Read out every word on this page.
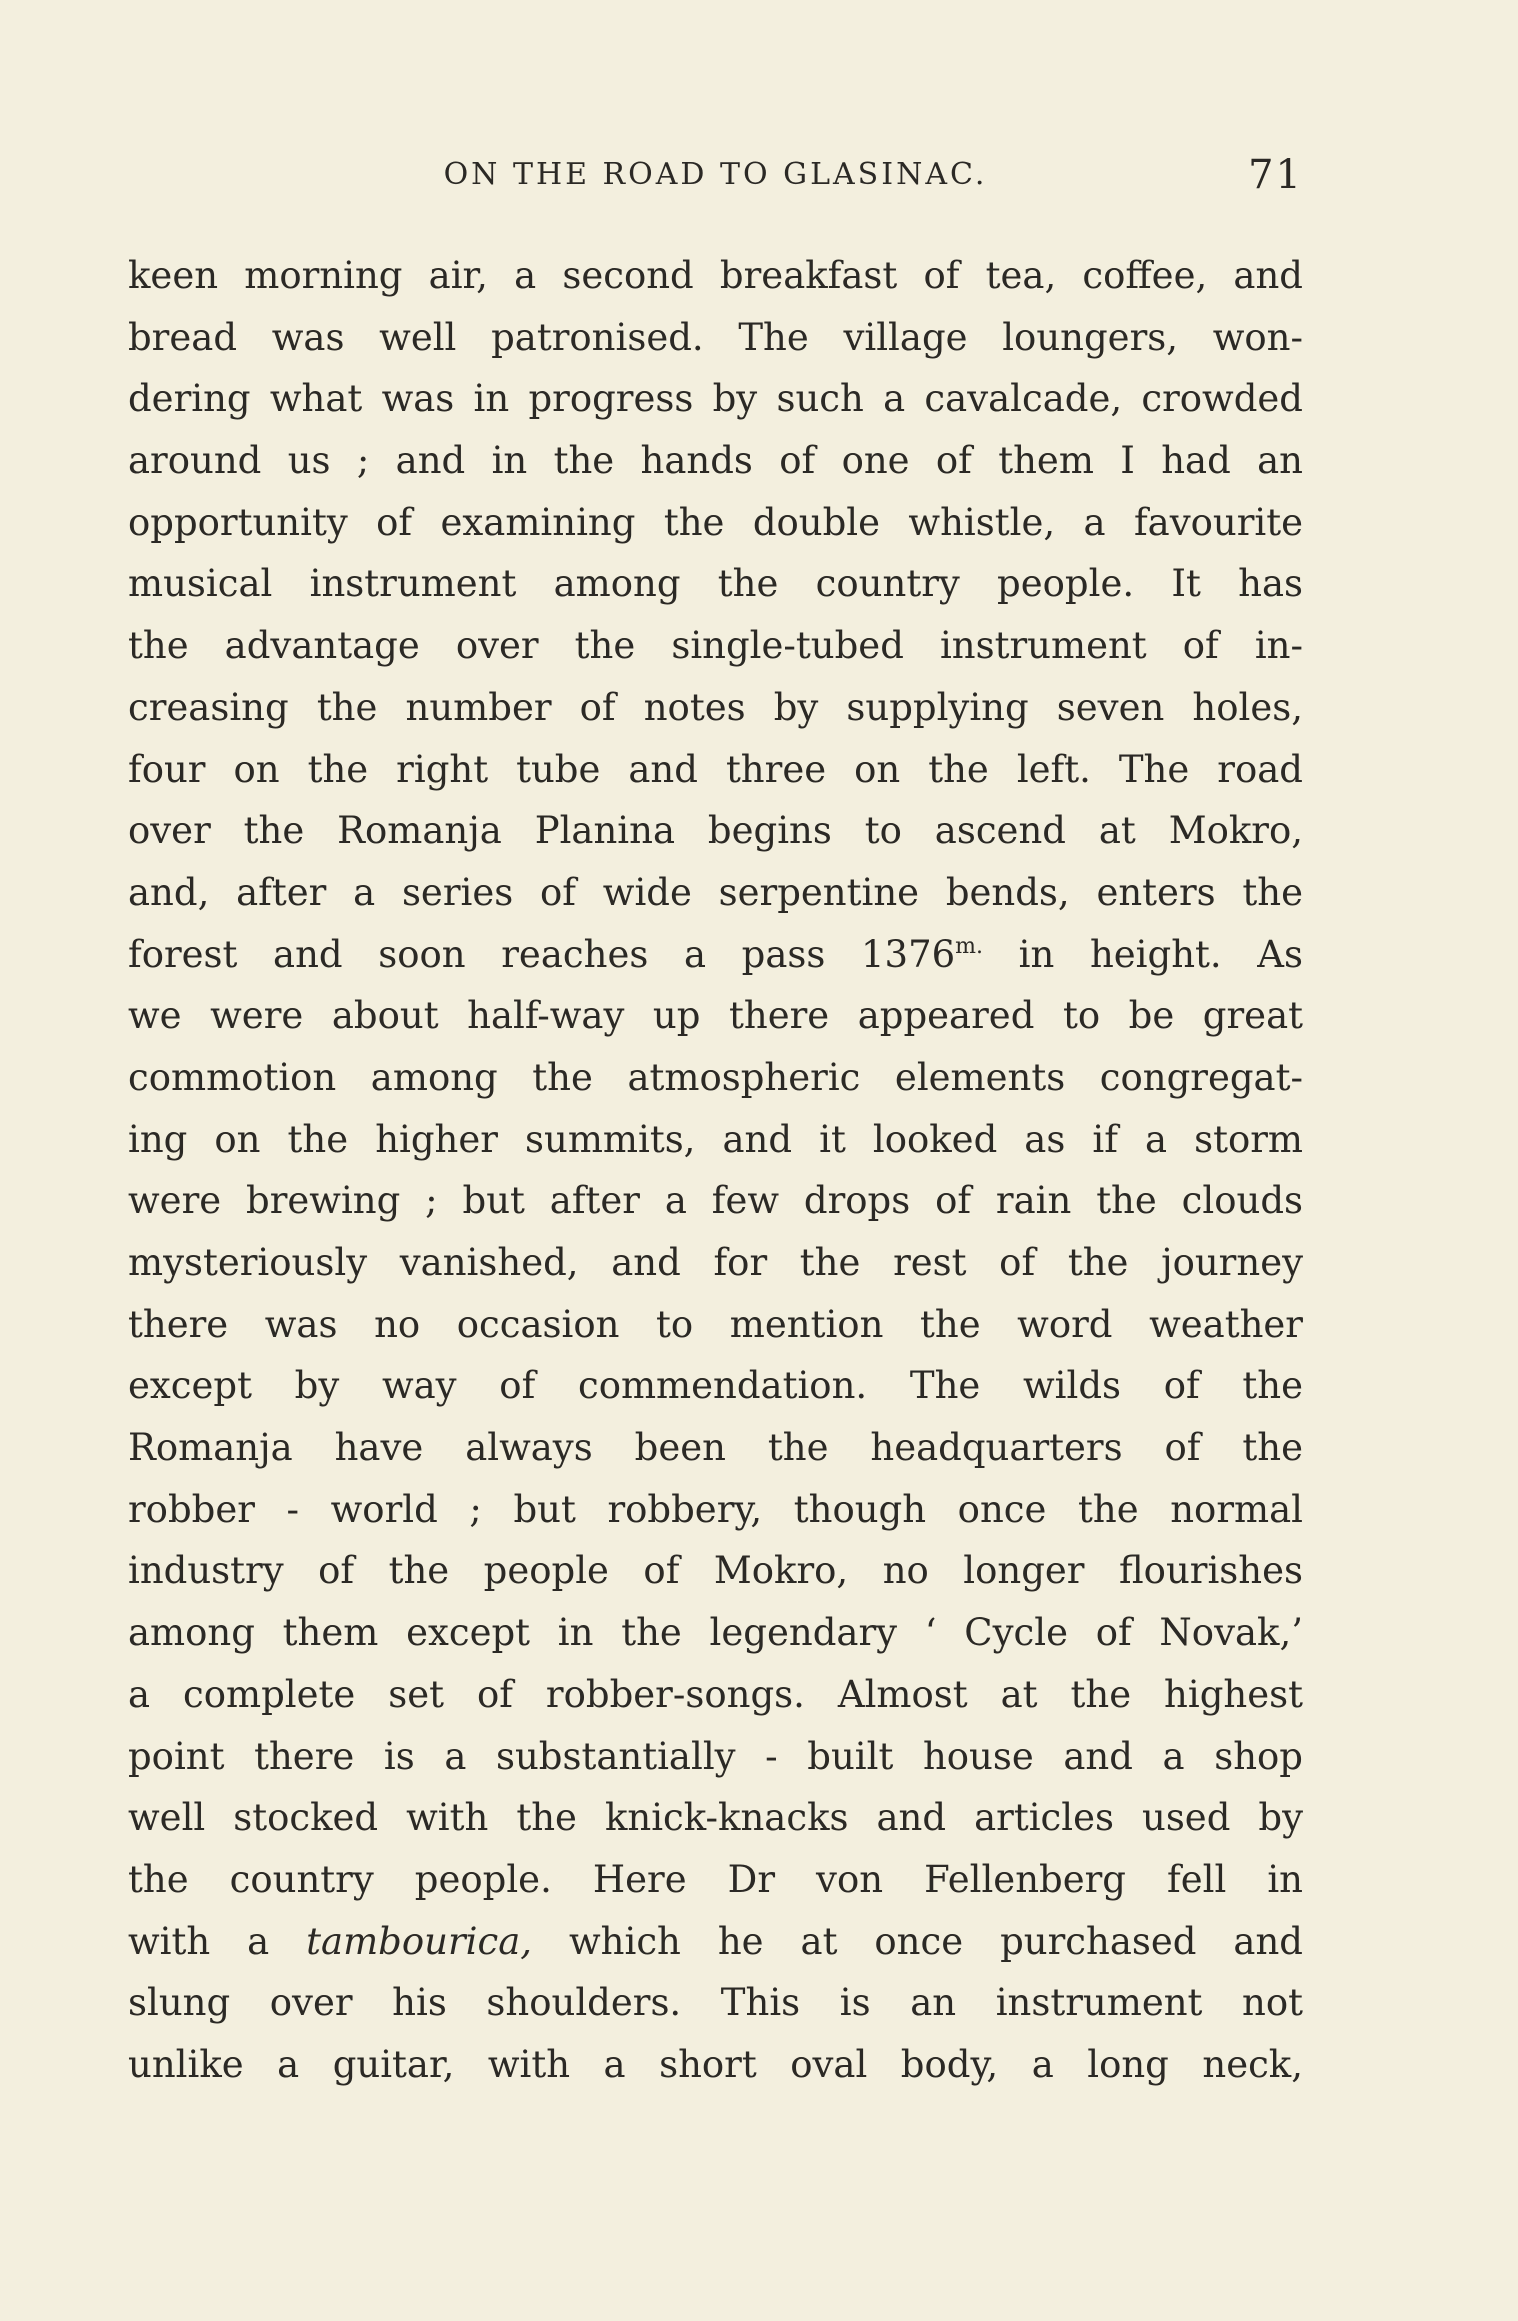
ON THE ROAD TO GLASINAC.	71
keen morning air, a second breakfast of tea, coffee, and
bread was well patronised. The village loungers, won-
dering what was in progress by such a cavalcade, crowded
around us ; and in the hands of one of them I had an
opportunity of examining the double whistle, a favourite
musical instrument among the country people. It has
the advantage over the single-tubed instrument of in-
creasing the number of notes by supplying seven holes,
four on the right tube and three on the left. The road
over the Romanja Planina begins to ascend at Mokro,
and, after a series of wide serpentine bends, enters the
forest and soon reaches a pass $1376^{m.}$ in height. As
we were about half-way up there appeared to be great
commotion among the atmospheric elements congregat-
ing on the higher summits, and it looked as if a storm
were brewing ; but after a few drops of rain the clouds
mysteriously vanished, and for the rest of the journey
there was no occasion to mention the word weather
except by way of commendation. The wilds of the
Romanja have always been the headquarters of the
robber - world ; but robbery, though once the normal
industry of the people of Mokro, no longer flourishes
among them except in the legendary ‘ Cycle of Novak,’
a complete set of robber-songs. Almost at the highest
point there is a substantially - built house and a shop
well stocked with the knick-knacks and articles used by
the country people. Here Dr von Fellenberg fell in
with a tambourica, which he at once purchased and
slung over his shoulders. This is an instrument not
unlike a guitar, with a short oval body, a long neck,
